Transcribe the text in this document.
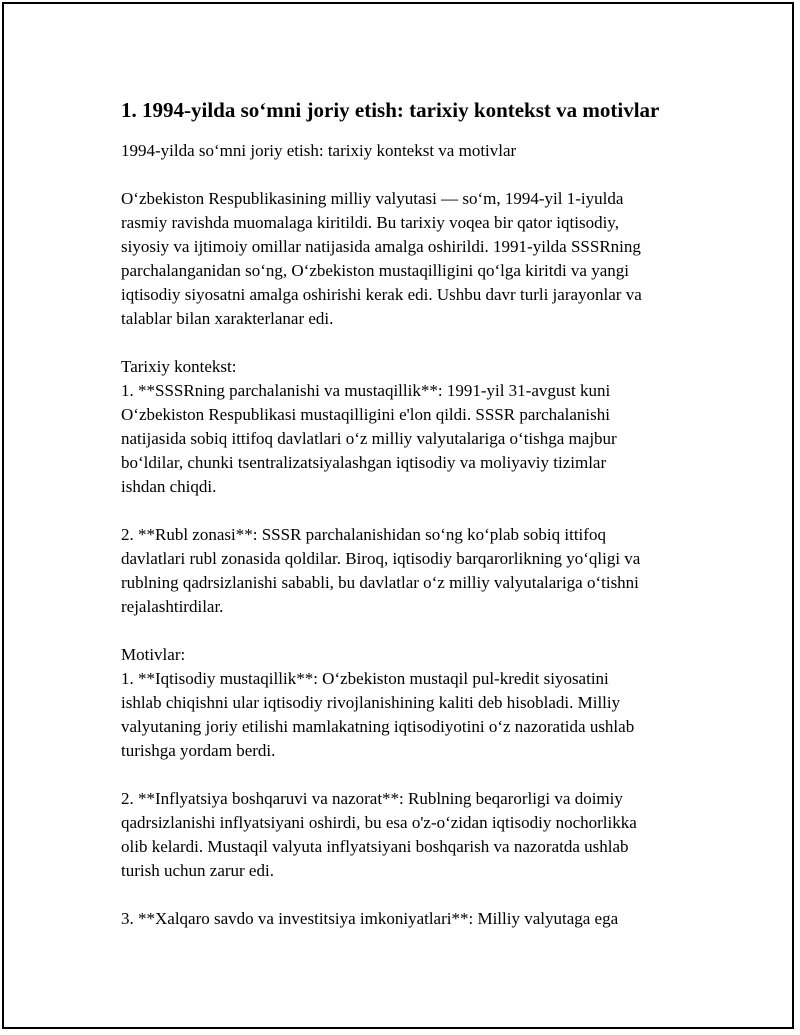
1. 1994-yilda so‘mni joriy etish: tarixiy kontekst va motivlar
1994-yilda so‘mni joriy etish: tarixiy kontekst va motivlar

O‘zbekiston Respublikasining milliy valyutasi — so‘m, 1994-yil 1-iyulda
rasmiy ravishda muomalaga kiritildi. Bu tarixiy voqea bir qator iqtisodiy,
siyosiy va ijtimoiy omillar natijasida amalga oshirildi. 1991-yilda SSSRning
parchalanganidan so‘ng, O‘zbekiston mustaqilligini qo‘lga kiritdi va yangi
iqtisodiy siyosatni amalga oshirishi kerak edi. Ushbu davr turli jarayonlar va
talablar bilan xarakterlanar edi.

Tarixiy kontekst:
1. **SSSRning parchalanishi va mustaqillik**: 1991-yil 31-avgust kuni
O‘zbekiston Respublikasi mustaqilligini e'lon qildi. SSSR parchalanishi
natijasida sobiq ittifoq davlatlari o‘z milliy valyutalariga o‘tishga majbur
bo‘ldilar, chunki tsentralizatsiyalashgan iqtisodiy va moliyaviy tizimlar
ishdan chiqdi.

2. **Rubl zonasi**: SSSR parchalanishidan so‘ng ko‘plab sobiq ittifoq
davlatlari rubl zonasida qoldilar. Biroq, iqtisodiy barqarorlikning yo‘qligi va
rublning qadrsizlanishi sababli, bu davlatlar o‘z milliy valyutalariga o‘tishni
rejalashtirdilar.

Motivlar:
1. **Iqtisodiy mustaqillik**: O‘zbekiston mustaqil pul-kredit siyosatini
ishlab chiqishni ular iqtisodiy rivojlanishining kaliti deb hisobladi. Milliy
valyutaning joriy etilishi mamlakatning iqtisodiyotini o‘z nazoratida ushlab
turishga yordam berdi.

2. **Inflyatsiya boshqaruvi va nazorat**: Rublning beqarorligi va doimiy
qadrsizlanishi inflyatsiyani oshirdi, bu esa o'z-o‘zidan iqtisodiy nochorlikka
olib kelardi. Mustaqil valyuta inflyatsiyani boshqarish va nazoratda ushlab
turish uchun zarur edi.

3. **Xalqaro savdo va investitsiya imkoniyatlari**: Milliy valyutaga ega
